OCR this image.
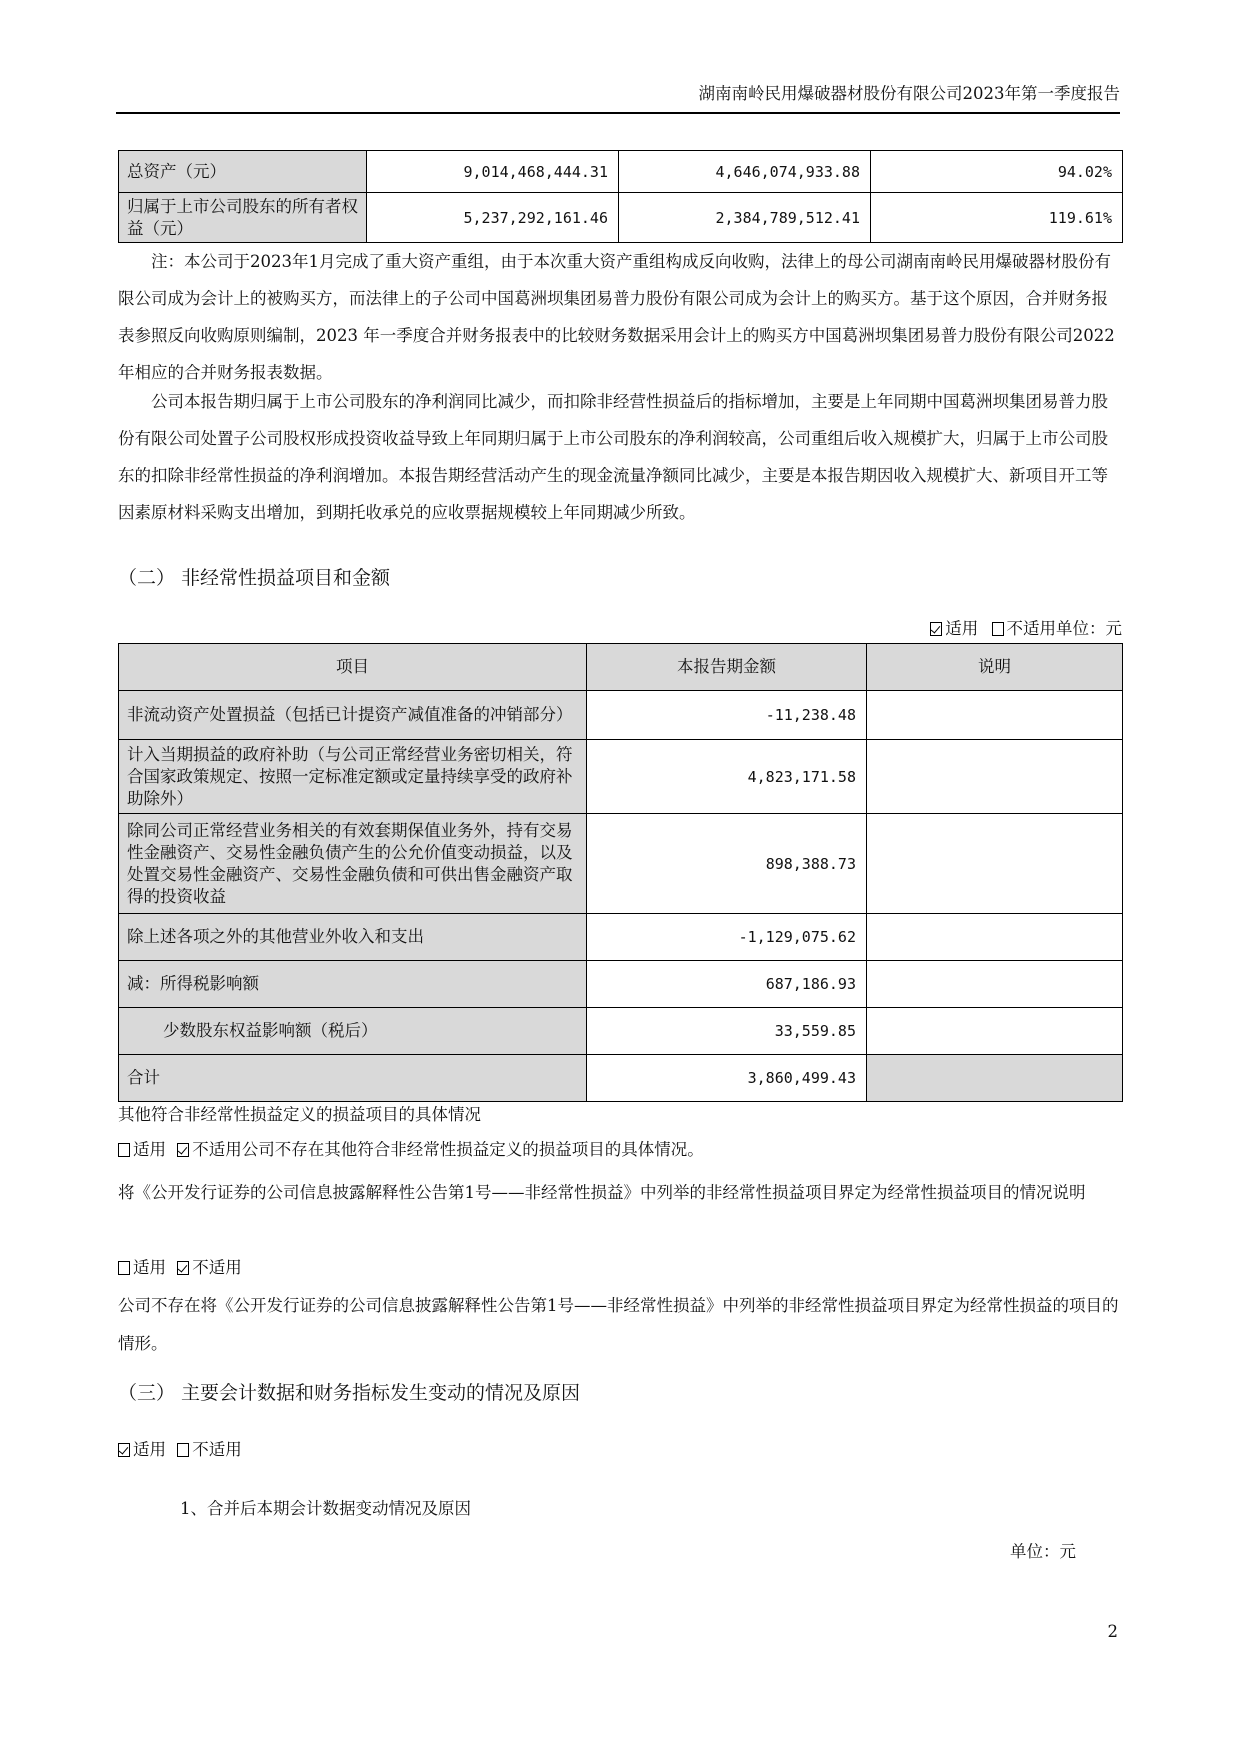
湖南南岭民用爆破器材股份有限公司2023年第一季度报告
总资产（元）	9,014,468,444.31	4,646,074,933.88	94.02%
归属于上市公司股东的所有者权益（元）	5,237,292,161.46	2,384,789,512.41	119.61%

注：本公司于2023年1月完成了重大资产重组，由于本次重大资产重组构成反向收购，法律上的母公司湖南南岭民用爆破器材股份有限公司成为会计上的被购买方，而法律上的子公司中国葛洲坝集团易普力股份有限公司成为会计上的购买方。基于这个原因，合并财务报表参照反向收购原则编制，2023 年一季度合并财务报表中的比较财务数据采用会计上的购买方中国葛洲坝集团易普力股份有限公司2022年相应的合并财务报表数据。

公司本报告期归属于上市公司股东的净利润同比减少，而扣除非经营性损益后的指标增加，主要是上年同期中国葛洲坝集团易普力股份有限公司处置子公司股权形成投资收益导致上年同期归属于上市公司股东的净利润较高，公司重组后收入规模扩大，归属于上市公司股东的扣除非经常性损益的净利润增加。本报告期经营活动产生的现金流量净额同比减少，主要是本报告期因收入规模扩大、新项目开工等因素原材料采购支出增加，到期托收承兑的应收票据规模较上年同期减少所致。

（二） 非经常性损益项目和金额
适用 不适用单位：元
项目	本报告期金额	说明
非流动资产处置损益（包括已计提资产减值准备的冲销部分）	-11,238.48	
计入当期损益的政府补助（与公司正常经营业务密切相关，符合国家政策规定、按照一定标准定额或定量持续享受的政府补助除外）	4,823,171.58	
除同公司正常经营业务相关的有效套期保值业务外，持有交易性金融资产、交易性金融负债产生的公允价值变动损益，以及处置交易性金融资产、交易性金融负债和可供出售金融资产取得的投资收益	898,388.73	
除上述各项之外的其他营业外收入和支出	-1,129,075.62	
减：所得税影响额	687,186.93	
少数股东权益影响额（税后）	33,559.85	
合计	3,860,499.43	

其他符合非经常性损益定义的损益项目的具体情况

适用 不适用公司不存在其他符合非经常性损益定义的损益项目的具体情况。

将《公开发行证券的公司信息披露解释性公告第1号——非经常性损益》中列举的非经常性损益项目界定为经常性损益项目的情况说明

适用 不适用

公司不存在将《公开发行证券的公司信息披露解释性公告第1号——非经常性损益》中列举的非经常性损益项目界定为经常性损益的项目的情形。

（三） 主要会计数据和财务指标发生变动的情况及原因

适用 不适用

1、合并后本期会计数据变动情况及原因

单位：元
2
